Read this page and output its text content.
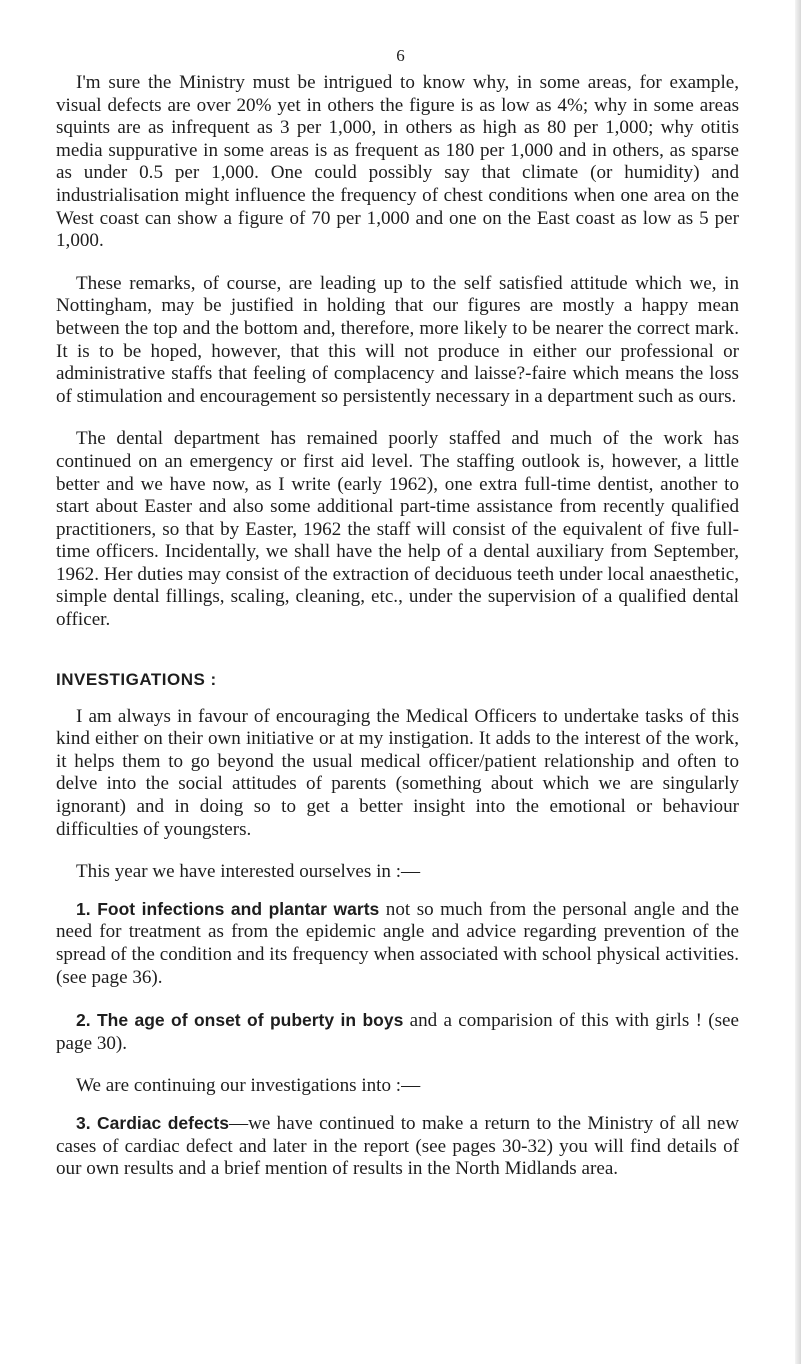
6

I'm sure the Ministry must be intrigued to know why, in some areas, for example, visual defects are over 20% yet in others the figure is as low as 4%; why in some areas squints are as infrequent as 3 per 1,000, in others as high as 80 per 1,000; why otitis media suppurative in some areas is as frequent as 180 per 1,000 and in others, as sparse as under 0.5 per 1,000. One could possibly say that climate (or humidity) and industrialisation might influence the frequency of chest conditions when one area on the West coast can show a figure of 70 per 1,000 and one on the East coast as low as 5 per 1,000.

These remarks, of course, are leading up to the self satisfied attitude which we, in Nottingham, may be justified in holding that our figures are mostly a happy mean between the top and the bottom and, therefore, more likely to be nearer the correct mark. It is to be hoped, however, that this will not produce in either our professional or administrative staffs that feeling of complacency and laisse?-faire which means the loss of stimulation and encouragement so persistently necessary in a department such as ours.

The dental department has remained poorly staffed and much of the work has continued on an emergency or first aid level. The staffing outlook is, however, a little better and we have now, as I write (early 1962), one extra full-time dentist, another to start about Easter and also some additional part-time assistance from recently qualified practitioners, so that by Easter, 1962 the staff will consist of the equivalent of five full-time officers. Incidentally, we shall have the help of a dental auxiliary from September, 1962. Her duties may consist of the extraction of deciduous teeth under local anaesthetic, simple dental fillings, scaling, cleaning, etc., under the supervision of a qualified dental officer.

INVESTIGATIONS :

I am always in favour of encouraging the Medical Officers to undertake tasks of this kind either on their own initiative or at my instigation. It adds to the interest of the work, it helps them to go beyond the usual medical officer/patient relationship and often to delve into the social attitudes of parents (something about which we are singularly ignorant) and in doing so to get a better insight into the emotional or behaviour difficulties of youngsters.

This year we have interested ourselves in :—

1. Foot infections and plantar warts not so much from the personal angle and the need for treatment as from the epidemic angle and advice regarding prevention of the spread of the condition and its frequency when associated with school physical activities. (see page 36).

2. The age of onset of puberty in boys and a comparision of this with girls ! (see page 30).

We are continuing our investigations into :—

3. Cardiac defects—we have continued to make a return to the Ministry of all new cases of cardiac defect and later in the report (see pages 30-32) you will find details of our own results and a brief mention of results in the North Midlands area.
